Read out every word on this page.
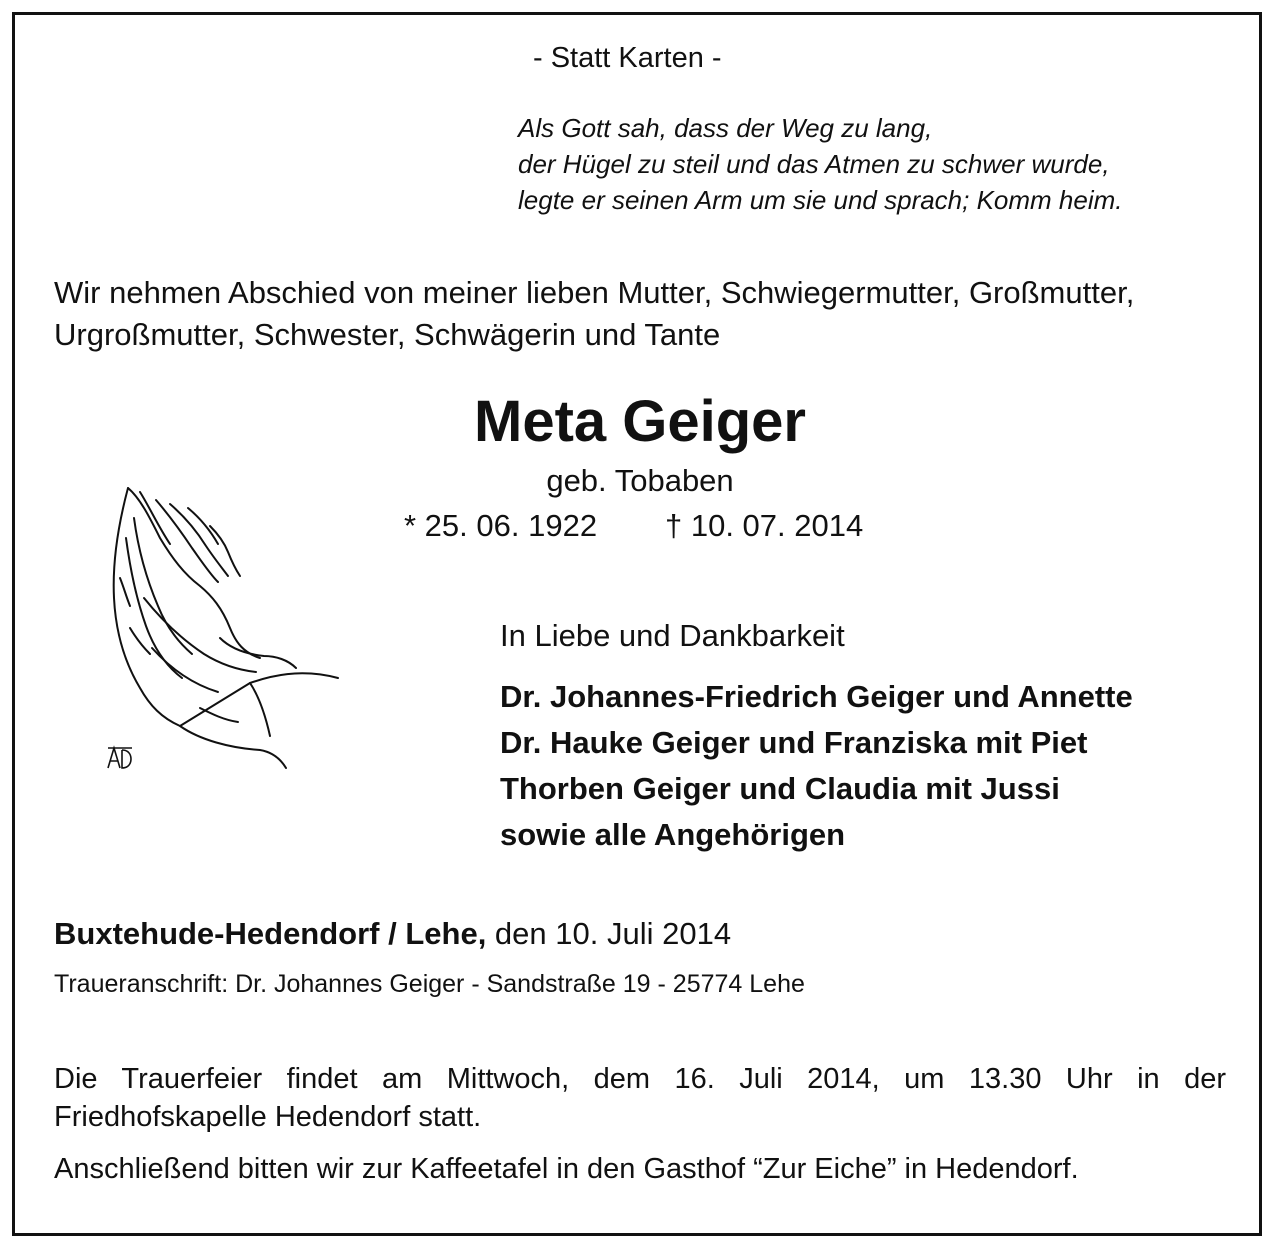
- Statt Karten -

Als Gott sah, dass der Weg zu lang,
der Hügel zu steil und das Atmen zu schwer wurde,
legte er seinen Arm um sie und sprach; Komm heim.
Wir nehmen Abschied von meiner lieben Mutter, Schwiegermutter, Großmutter,
Urgroßmutter, Schwester, Schwägerin und Tante

Meta Geiger

geb. Tobaben

* 25. 06. 1922 † 10. 07. 2014

In Liebe und Dankbarkeit

Dr. Johannes-Friedrich Geiger und Annette
Dr. Hauke Geiger und Franziska mit Piet
Thorben Geiger und Claudia mit Jussi
sowie alle Angehörigen

Buxtehude-Hedendorf / Lehe, den 10. Juli 2014

Traueranschrift: Dr. Johannes Geiger - Sandstraße 19 - 25774 Lehe

Die Trauerfeier findet am Mittwoch, dem 16. Juli 2014, um 13.30 Uhr in der Friedhofskapelle Hedendorf statt.

Anschließend bitten wir zur Kaffeetafel in den Gasthof “Zur Eiche” in Hedendorf.
